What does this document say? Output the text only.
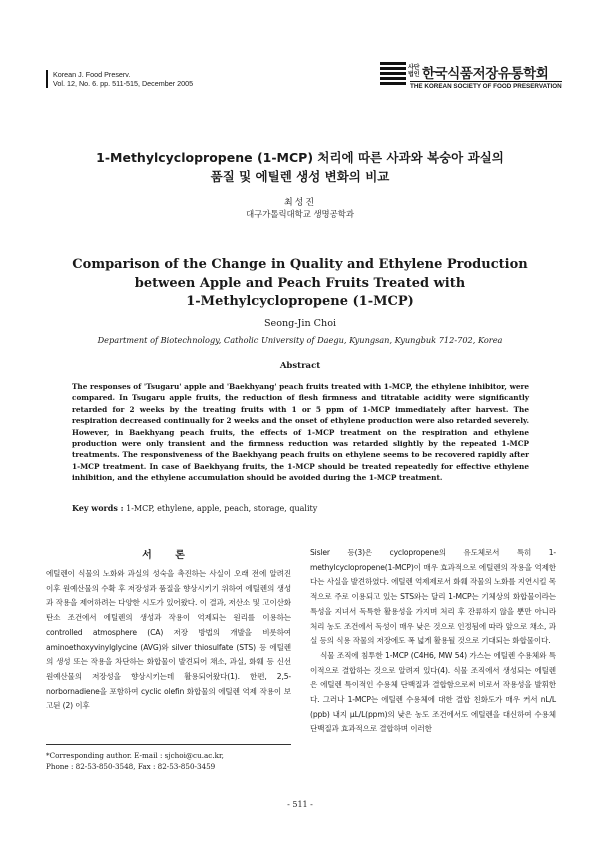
Korean J. Food Preserv.
Vol. 12, No. 6. pp. 511-515, December 2005
사단법인 한국식품저장유통학회
THE KOREAN SOCIETY OF FOOD PRESERVATION
1-Methylcyclopropene (1-MCP) 처리에 따른 사과와 복숭아 과실의
품질 및 에틸렌 생성 변화의 비교
최성진
대구가톨릭대학교 생명공학과
Comparison of the Change in Quality and Ethylene Production
between Apple and Peach Fruits Treated with
1-Methylcyclopropene (1-MCP)
Seong-Jin Choi
Department of Biotechnology, Catholic University of Daegu, Kyungsan, Kyungbuk 712-702, Korea
Abstract
The responses of 'Tsugaru' apple and 'Baekhyang' peach fruits treated with 1-MCP, the ethylene inhibitor, were compared. In Tsugaru apple fruits, the reduction of flesh firmness and titratable acidity were significantly retarded for 2 weeks by the treating fruits with 1 or 5 ppm of 1-MCP immediately after harvest. The respiration decreased continually for 2 weeks and the onset of ethylene production were also retarded severely. However, in Baekhyang peach fruits, the effects of 1-MCP treatment on the respiration and ethylene production were only transient and the firmness reduction was retarded slightly by the repeated 1-MCP treatments. The responsiveness of the Baekhyang peach fruits on ethylene seems to be recovered rapidly after 1-MCP treatment. In case of Baekhyang fruits, the 1-MCP should be treated repeatedly for effective ethylene inhibition, and the ethylene accumulation should be avoided during the 1-MCP treatment.
Key words : 1-MCP, ethylene, apple, peach, storage, quality
서 론
에틸렌이 식물의 노화와 과실의 성숙을 촉진하는 사실이 오래 전에 알려진 이후 원예산물의 수확 후 저장성과 품질을 향상시키기 위하여 에틸렌의 생성과 작용을 제어하려는 다양한 시도가 있어왔다. 이 결과, 저산소 및 고이산화탄소 조건에서 에틸렌의 생성과 작용이 억제되는 원리를 이용하는 controlled atmosphere (CA) 저장 방법의 개발을 비롯하여 aminoethoxyvinylglycine (AVG)와 silver thiosulfate (STS) 등 에틸렌의 생성 또는 작용을 차단하는 화합물이 발견되어 채소, 과실, 화훼 등 신선 원예산물의 저장성을 향상시키는데 활용되어왔다(1). 한편, 2,5-norbornadiene을 포함하여 cyclic olefin 화합물의 에틸렌 억제 작용이 보고된 (2) 이후
Sisler 등(3)은 cyclopropene의 유도체로서 특히 1-methylcyclopropene(1-MCP)이 매우 효과적으로 에틸렌의 작용을 억제한다는 사실을 발견하였다. 에틸렌 억제제로서 화훼 작물의 노화를 지연시킬 목적으로 주로 이용되고 있는 STS와는 달리 1-MCP는 기체상의 화합물이라는 특성을 지녀서 독특한 활용성을 가지며 처리 후 잔류하지 않을 뿐만 아니라 처리 농도 조건에서 독성이 매우 낮은 것으로 인정됨에 따라 앞으로 채소, 과실 등의 식용 작물의 저장에도 폭 넓게 활용될 것으로 기대되는 화합물이다.
식물 조직에 침투한 1-MCP (C4H6, MW 54) 가스는 에틸렌 수용체와 특이적으로 결합하는 것으로 알려져 있다(4). 식물 조직에서 생성되는 에틸렌은 에틸렌 특이적인 수용체 단백질과 결합함으로써 비로서 작용성을 발휘한다. 그러나 1-MCP는 에틸렌 수용체에 대한 결합 친화도가 매우 커서 nL/L (ppb) 내지 μL/L(ppm)의 낮은 농도 조건에서도 에틸렌을 대신하여 수용체 단백질과 효과적으로 결합하며 이러한
*Corresponding author. E-mail : sjchoi@cu.ac.kr,
Phone : 82-53-850-3548, Fax : 82-53-850-3459
- 511 -
